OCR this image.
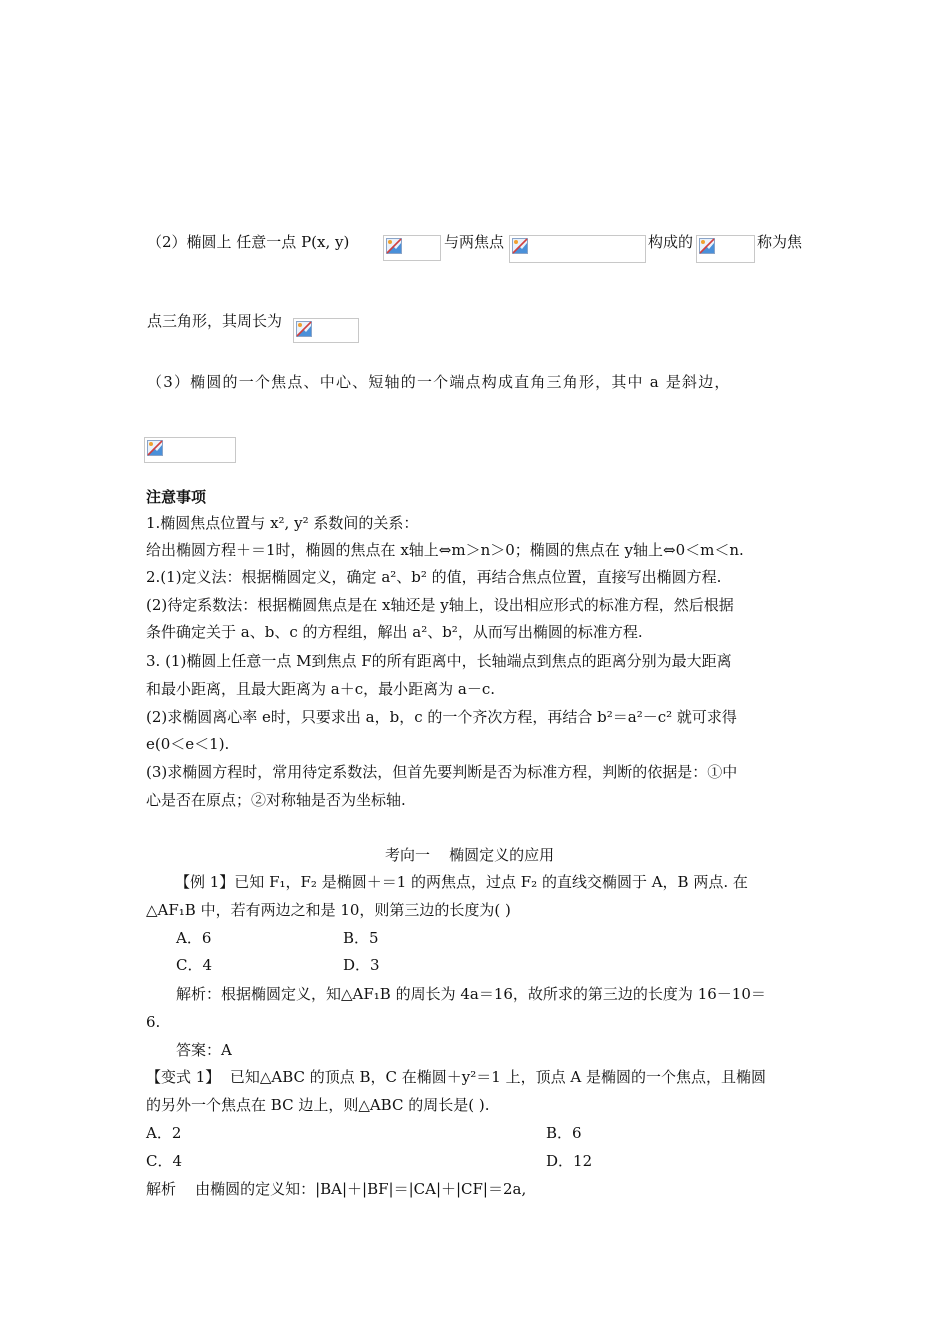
（2）椭圆上 任意一点 P(x, y)	与两焦点	构成的	称为焦
点三角形，其周长为
（3）椭圆的一个焦点、中心、短轴的一个端点构成直角三角形，其中 a 是斜边，
注意事项
1.椭圆焦点位置与 x², y² 系数间的关系：
给出椭圆方程＋＝1时，椭圆的焦点在 x轴上⇔m＞n＞0；椭圆的焦点在 y轴上⇔0＜m＜n.
2.(1)定义法：根据椭圆定义，确定 a²、b² 的值，再结合焦点位置，直接写出椭圆方程.
(2)待定系数法：根据椭圆焦点是在 x轴还是 y轴上，设出相应形式的标准方程，然后根据
条件确定关于 a、b、c 的方程组，解出 a²、b²，从而写出椭圆的标准方程.
3. (1)椭圆上任意一点 M到焦点 F的所有距离中，长轴端点到焦点的距离分别为最大距离
和最小距离，且最大距离为 a＋c，最小距离为 a－c.
(2)求椭圆离心率 e时，只要求出 a，b，c 的一个齐次方程，再结合 b²＝a²－c² 就可求得
e(0＜e＜1).
(3)求椭圆方程时，常用待定系数法，但首先要判断是否为标准方程，判断的依据是：①中
心是否在原点；②对称轴是否为坐标轴.
考向一    椭圆定义的应用
【例 1】已知 F₁，F₂ 是椭圆＋＝1 的两焦点，过点 F₂ 的直线交椭圆于 A，B 两点. 在
△AF₁B 中，若有两边之和是 10，则第三边的长度为( )
A．6	B．5
C．4	D．3
解析：根据椭圆定义，知△AF₁B 的周长为 4a＝16，故所求的第三边的长度为 16－10＝
6.
答案：A
【变式 1】  已知△ABC 的顶点 B，C 在椭圆＋y²＝1 上，顶点 A 是椭圆的一个焦点，且椭圆
的另外一个焦点在 BC 边上，则△ABC 的周长是( ).
A．2	B．6
C．4	D．12
解析    由椭圆的定义知：|BA|＋|BF|＝|CA|＋|CF|＝2a,
